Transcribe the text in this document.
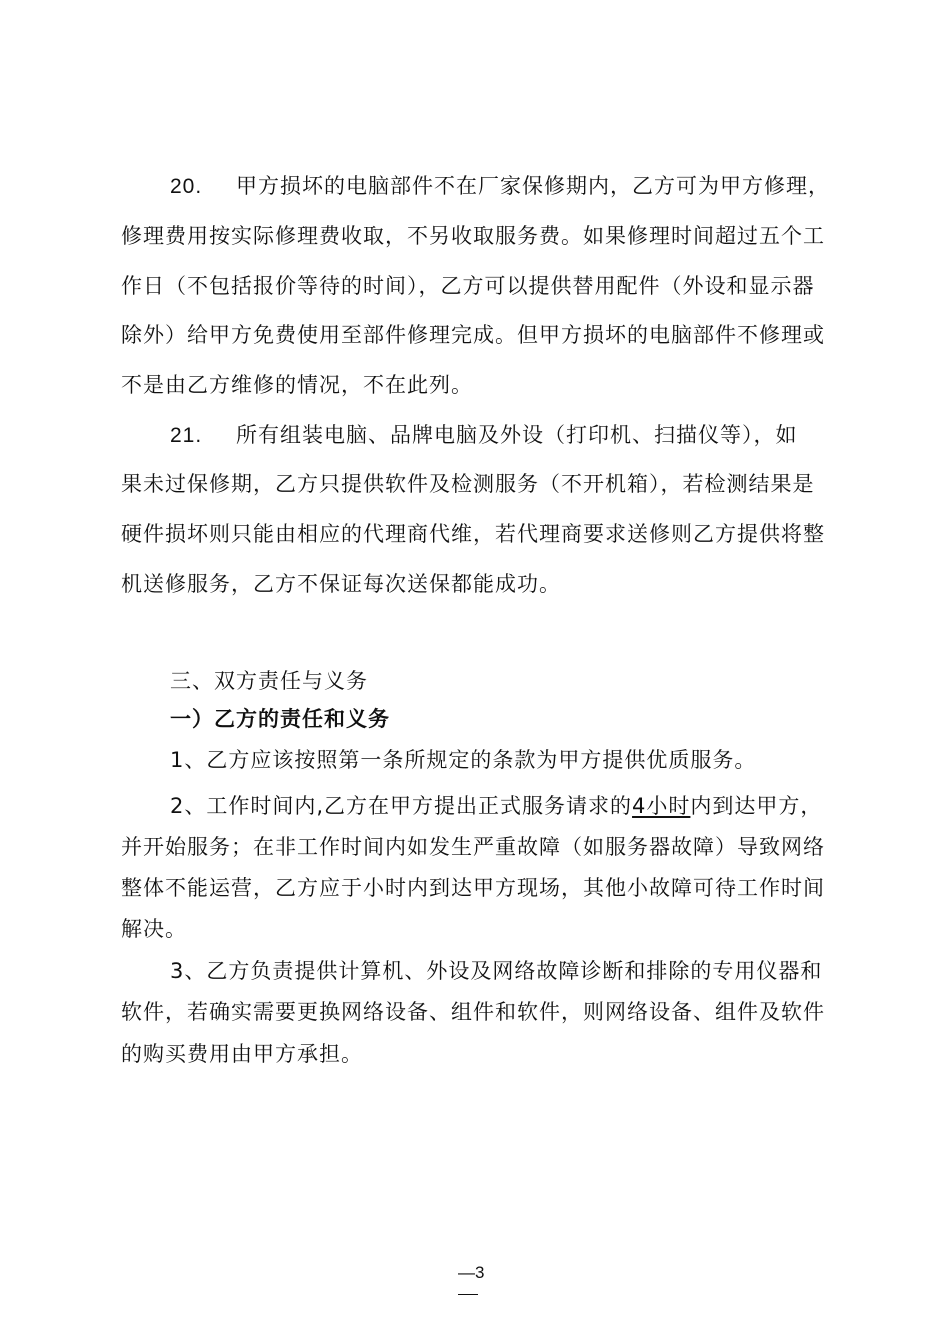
20. 甲方损坏的电脑部件不在厂家保修期内，乙方可为甲方修理，
修理费用按实际修理费收取，不另收取服务费。如果修理时间超过五个工
作日（不包括报价等待的时间），乙方可以提供替用配件（外设和显示器
除外）给甲方免费使用至部件修理完成。但甲方损坏的电脑部件不修理或
不是由乙方维修的情况，不在此列。
21. 所有组装电脑、品牌电脑及外设（打印机、扫描仪等），如
果未过保修期，乙方只提供软件及检测服务（不开机箱），若检测结果是
硬件损坏则只能由相应的代理商代维，若代理商要求送修则乙方提供将整
机送修服务，乙方不保证每次送保都能成功。
三、双方责任与义务
一）乙方的责任和义务
1、乙方应该按照第一条所规定的条款为甲方提供优质服务。
2、工作时间内,乙方在甲方提出正式服务请求的4小时内到达甲方，
并开始服务；在非工作时间内如发生严重故障（如服务器故障）导致网络
整体不能运营，乙方应于小时内到达甲方现场，其他小故障可待工作时间
解决。
3、乙方负责提供计算机、外设及网络故障诊断和排除的专用仪器和
软件，若确实需要更换网络设备、组件和软件，则网络设备、组件及软件
的购买费用由甲方承担。
—3
